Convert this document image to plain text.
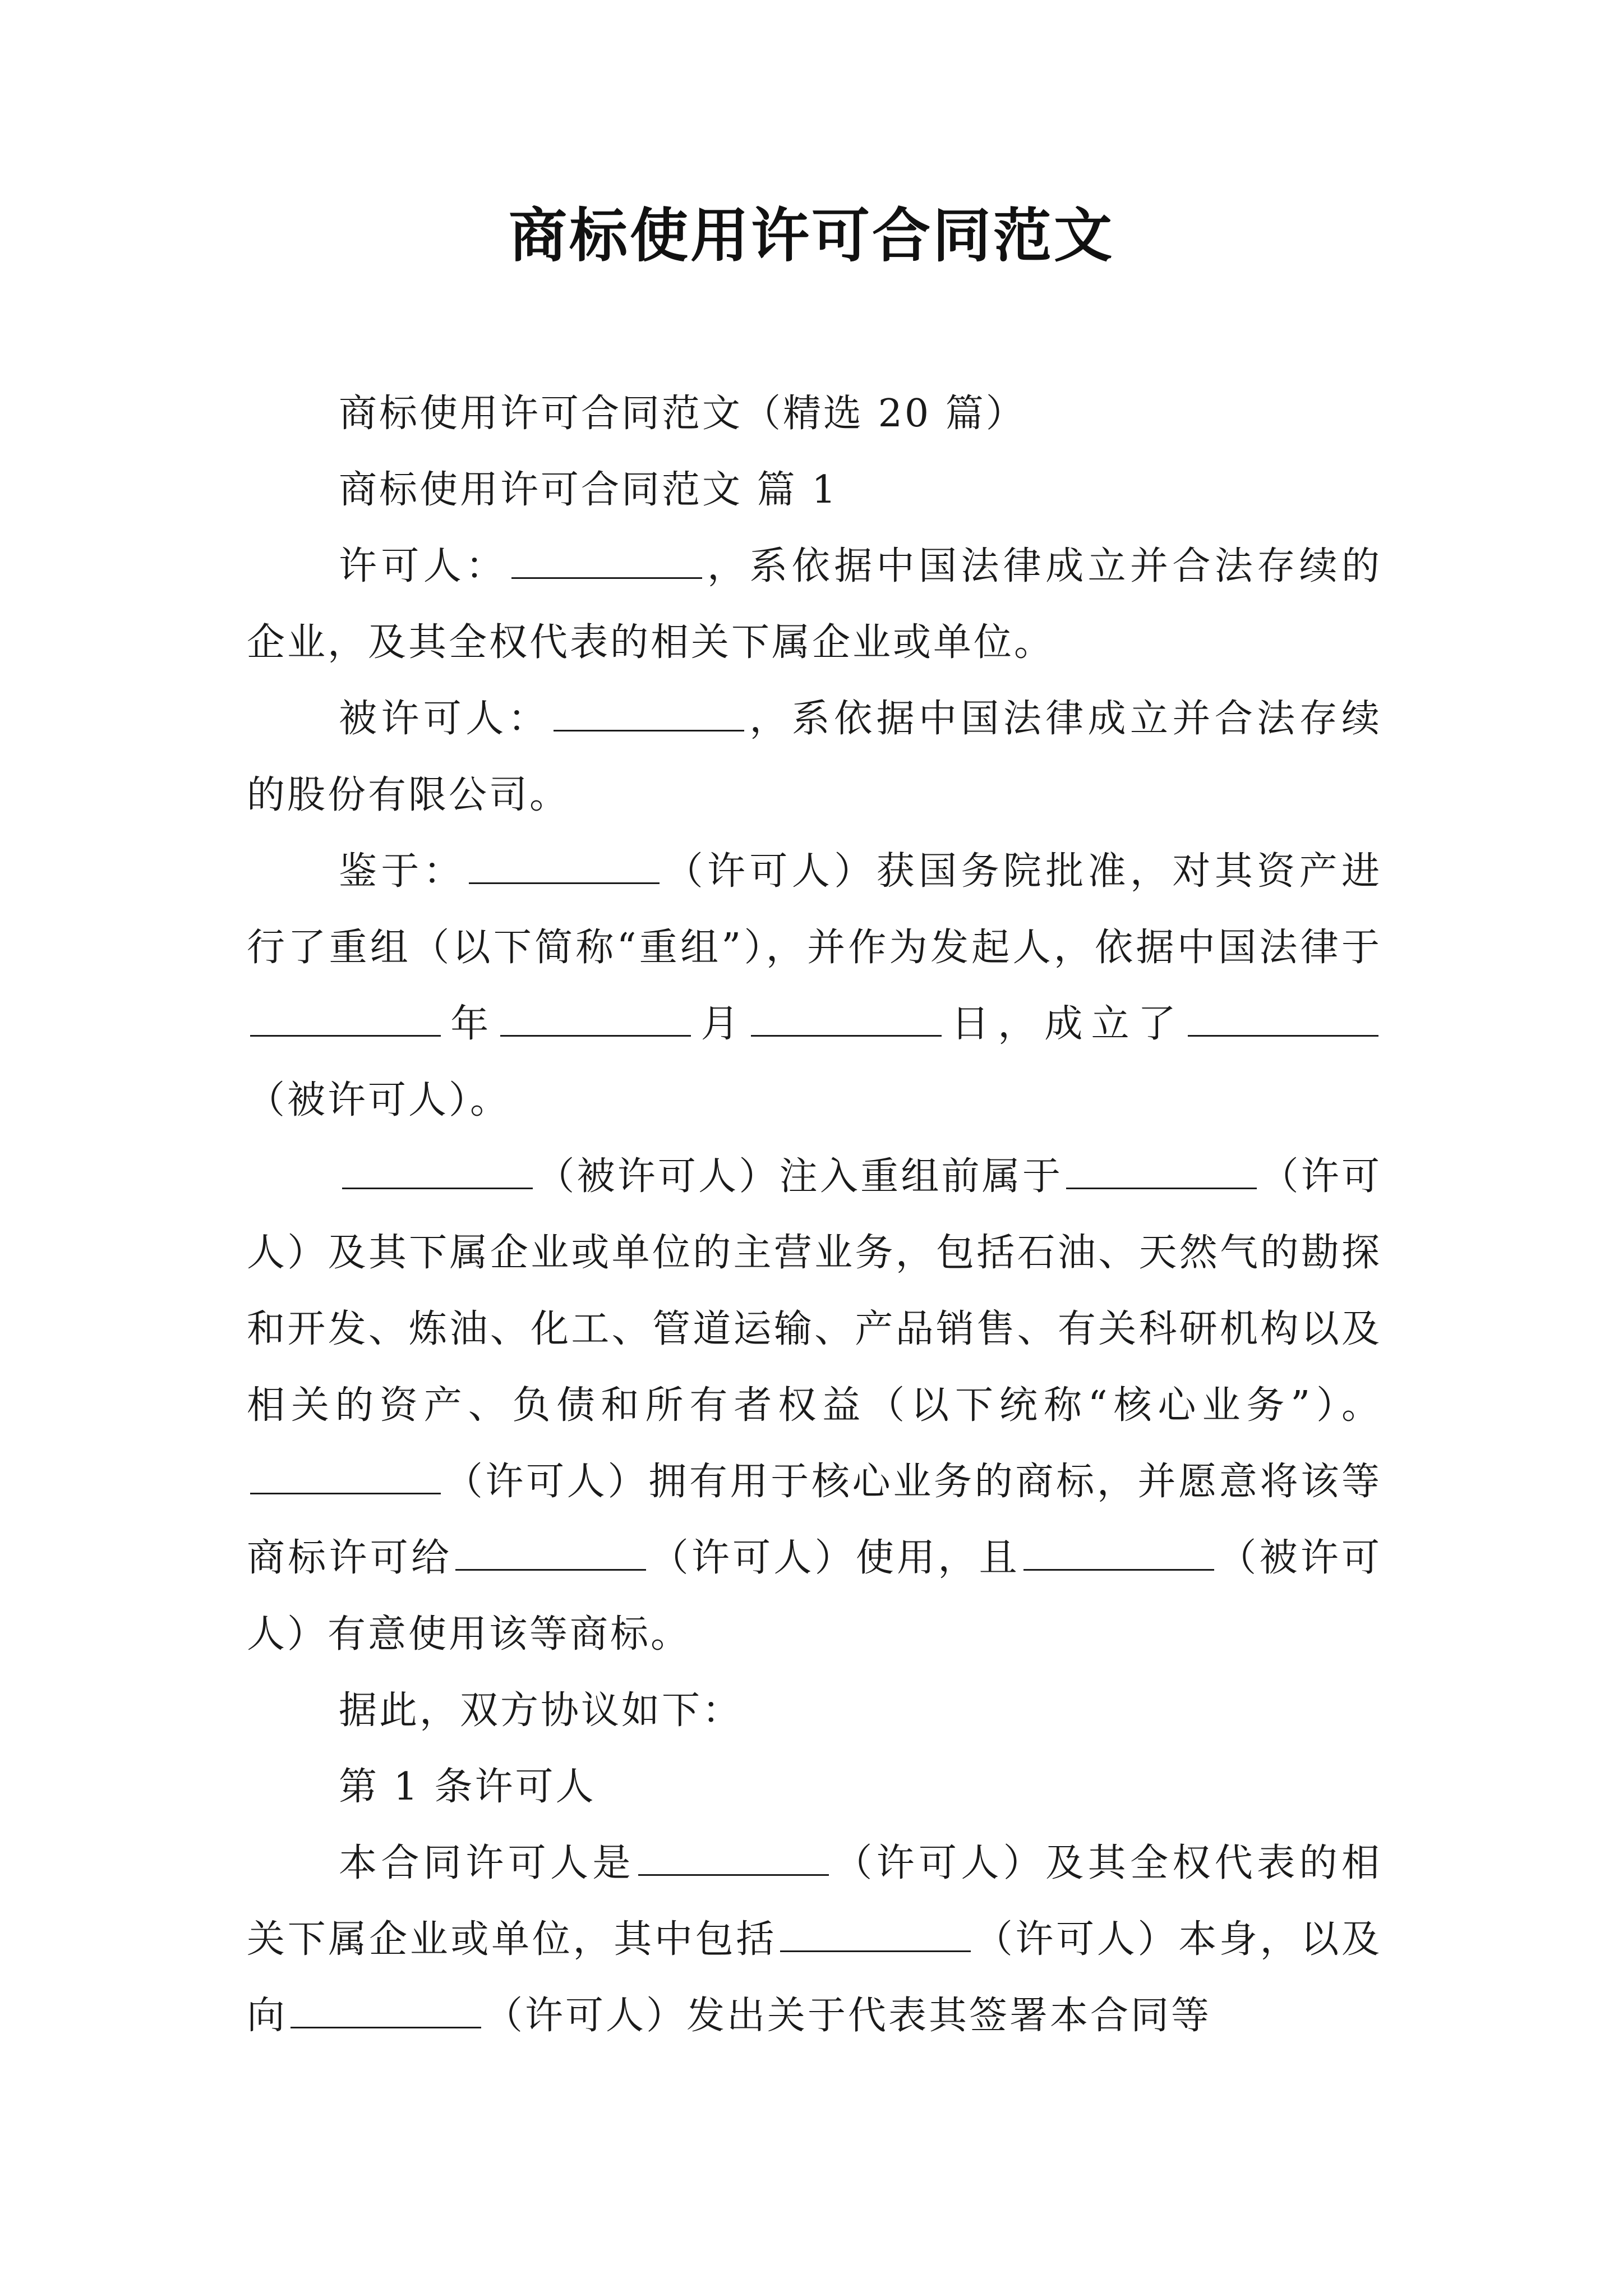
商标使用许可合同范文

商标使用许可合同范文（精选 20 篇）

商标使用许可合同范文 篇 1

许可人：	，系依据中国法律成立并合法存续的企业，及其全权代表的相关下属企业或单位。

被许可人：	，系依据中国法律成立并合法存续的股份有限公司。

鉴于：	（许可人）获国务院批准，对其资产进行了重组（以下简称“重组”），并作为发起人，依据中国法律于年	月	日，成立了（被许可人）。

（被许可人）注入重组前属于	（许可人）及其下属企业或单位的主营业务，包括石油、天然气的勘探和开发、炼油、化工、管道运输、产品销售、有关科研机构以及相关的资产、负债和所有者权益（以下统称“核心业务”）。（许可人）拥有用于核心业务的商标，并愿意将该等商标许可给	（许可人）使用，且	（被许可人）有意使用该等商标。

据此，双方协议如下：

第 1 条许可人

本合同许可人是	（许可人）及其全权代表的相关下属企业或单位，其中包括	（许可人）本身，以及向	（许可人）发出关于代表其签署本合同等
